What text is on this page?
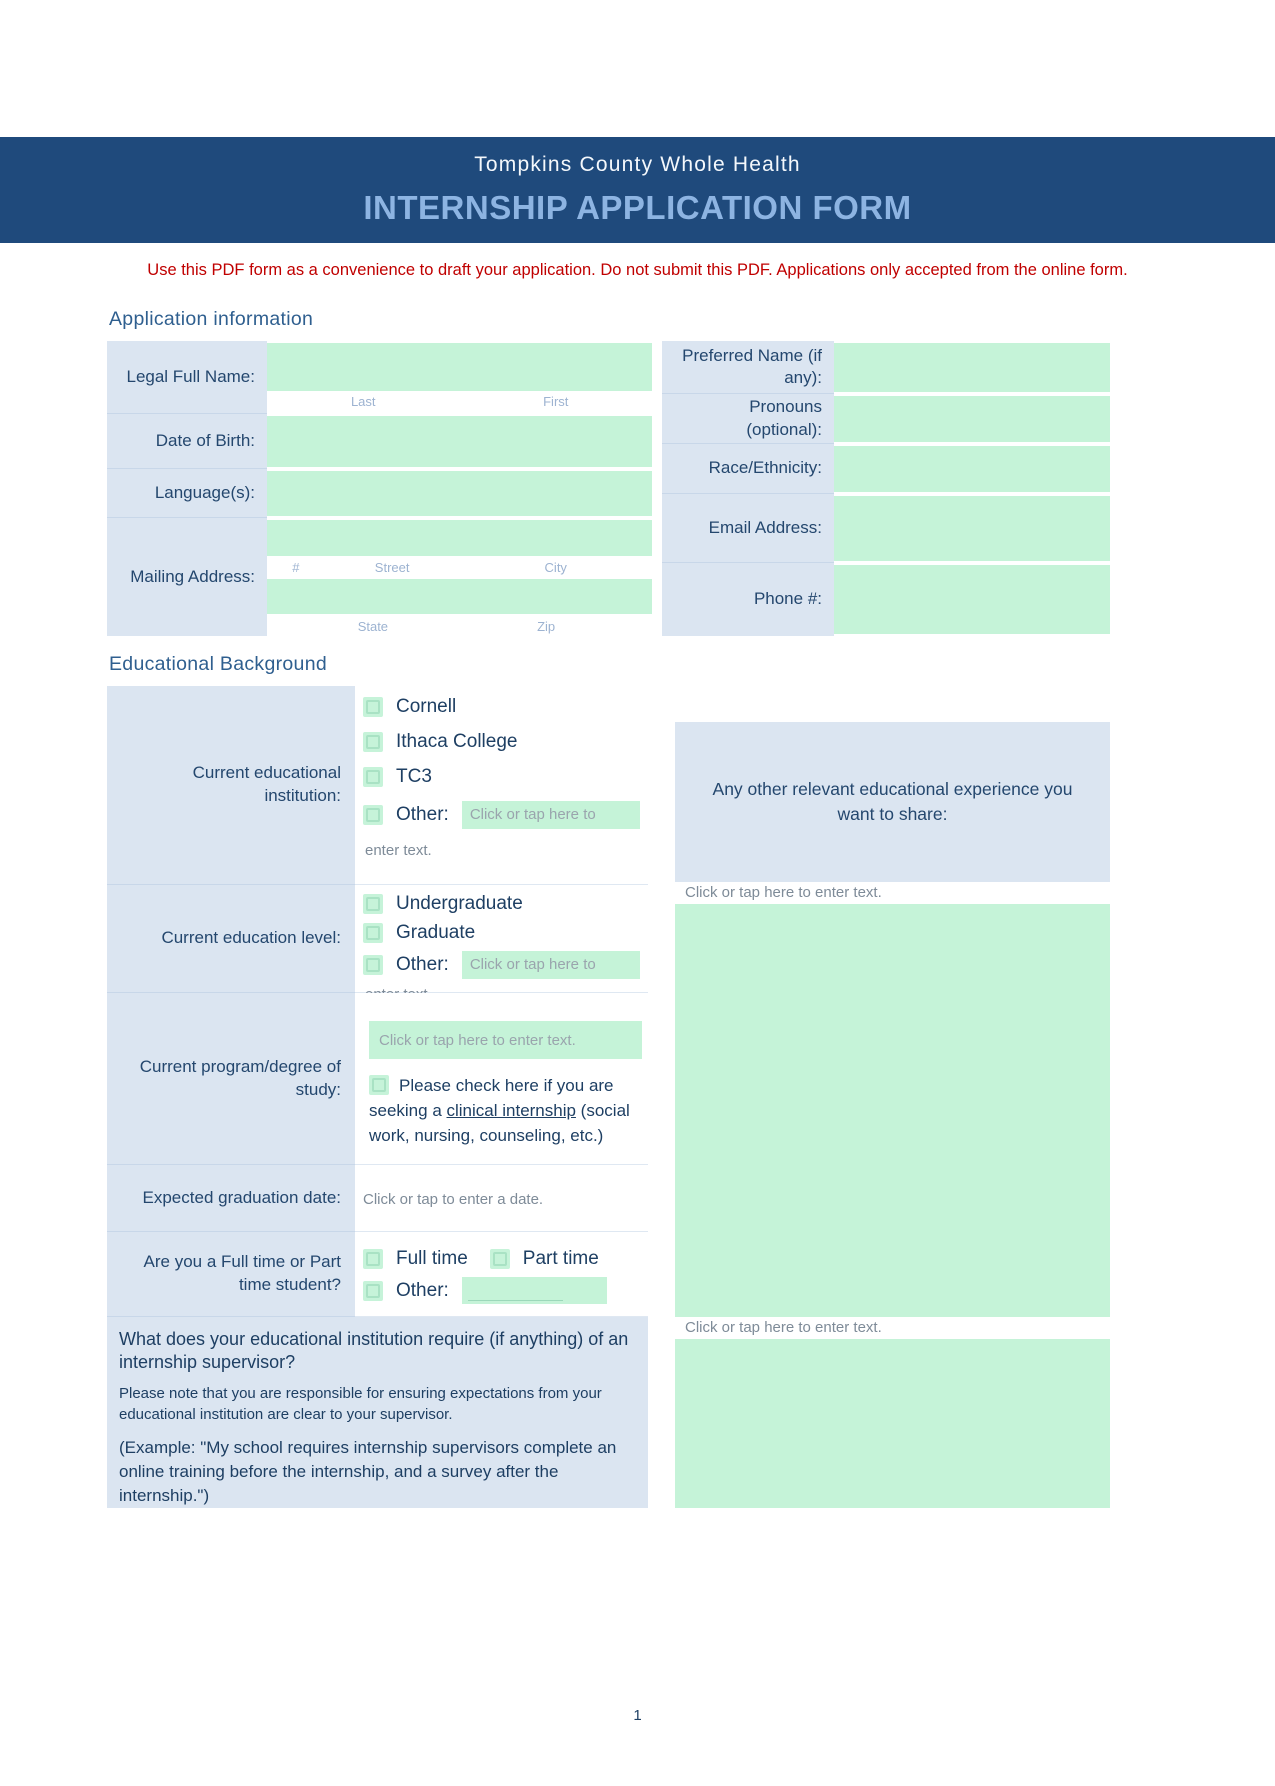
Tompkins County Whole Health
INTERNSHIP APPLICATION FORM
Use this PDF form as a convenience to draft your application. Do not submit this PDF. Applications only accepted from the online form.
Application information
Legal Full Name:
Last	First
Date of Birth:
Language(s):
Mailing Address:	#	Street	City
State	Zip
Preferred Name (if any):
Pronouns (optional):
Race/Ethnicity:
Email Address:
Phone #:
Educational Background
Current educational institution:
Cornell
Ithaca College
TC3
Other:	Click or tap here to
enter text.
Current education level:
Undergraduate
Graduate
Other:	Click or tap here to
Current program/degree of study:
Click or tap here to enter text.
Please check here if you are seeking a clinical internship (social work, nursing, counseling, etc.)
Expected graduation date:	Click or tap to enter a date.
Are you a Full time or Part time student?
Full time	Part time
Other:
What does your educational institution require (if anything) of an internship supervisor?
Please note that you are responsible for ensuring expectations from your educational institution are clear to your supervisor.
(Example: "My school requires internship supervisors complete an online training before the internship, and a survey after the internship.")
Any other relevant educational experience you want to share:
Click or tap here to enter text.
Click or tap here to enter text.
1
